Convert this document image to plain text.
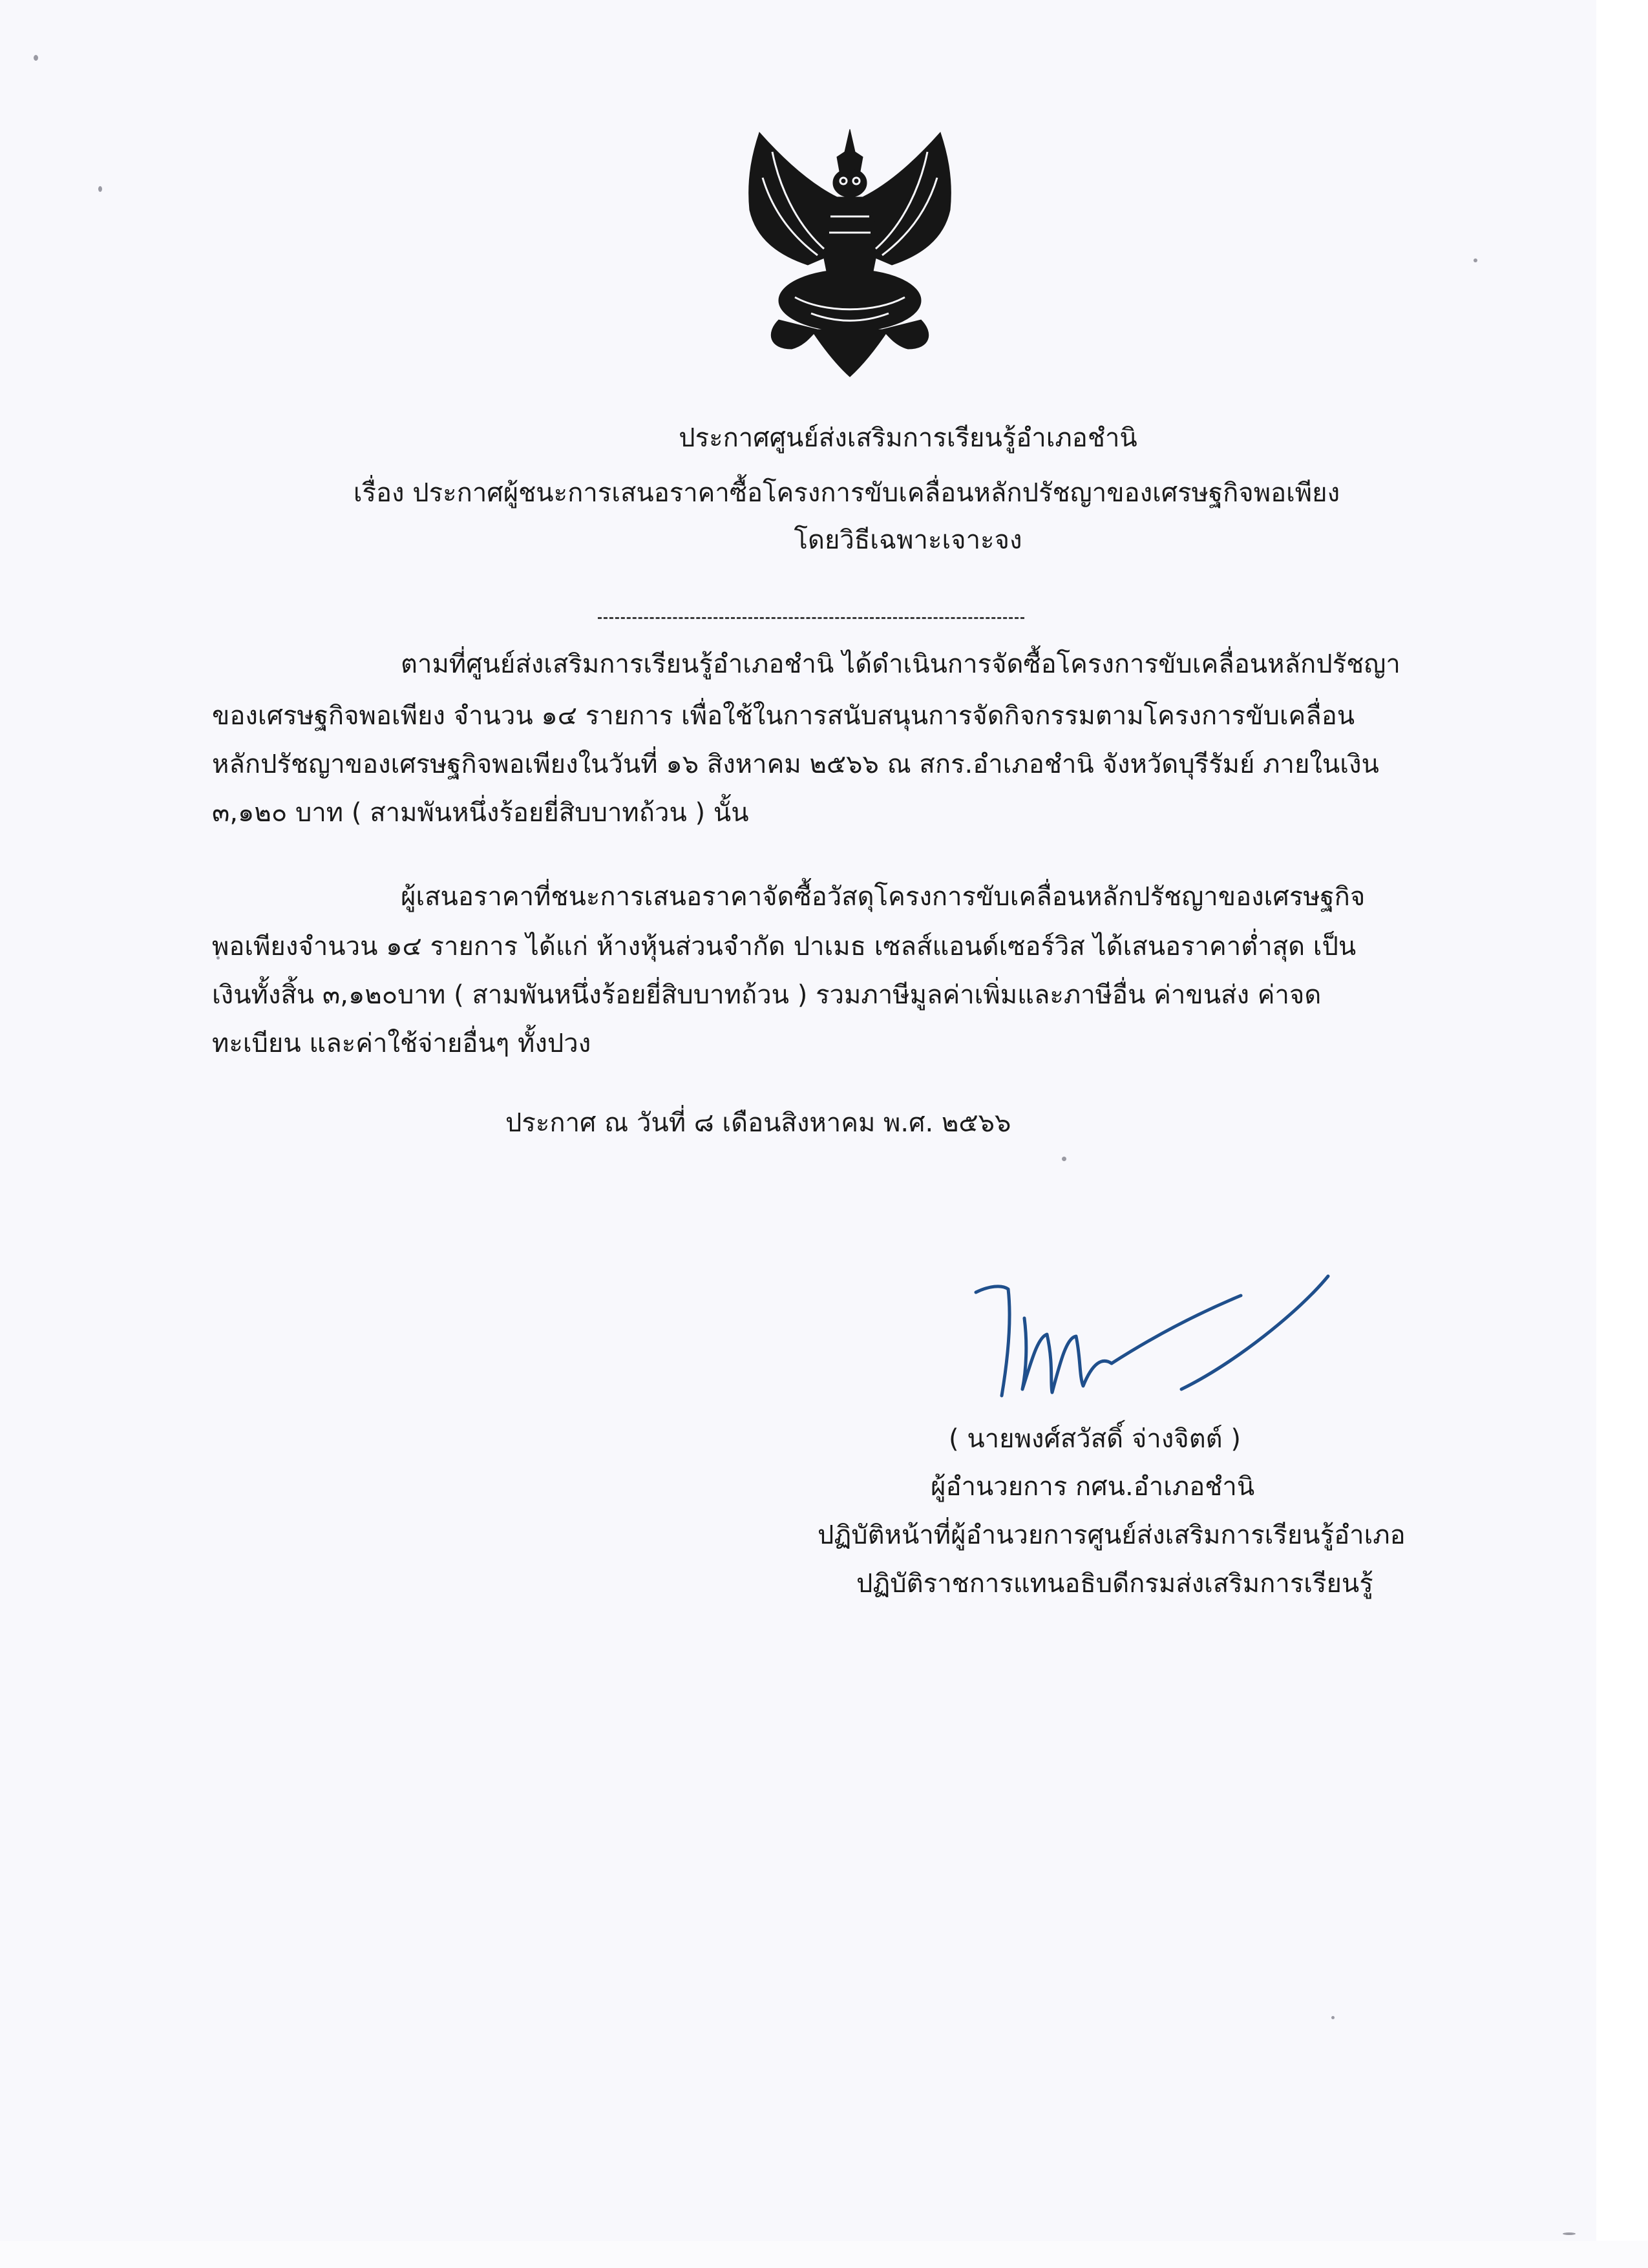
ประกาศศูนย์ส่งเสริมการเรียนรู้อำเภอชำนิ
เรื่อง ประกาศผู้ชนะการเสนอราคาซื้อโครงการขับเคลื่อนหลักปรัชญาของเศรษฐกิจพอเพียง
โดยวิธีเฉพาะเจาะจง
ตามที่ศูนย์ส่งเสริมการเรียนรู้อำเภอชำนิ ได้ดำเนินการจัดซื้อโครงการขับเคลื่อนหลักปรัชญา
ของเศรษฐกิจพอเพียง จำนวน ๑๔ รายการ เพื่อใช้ในการสนับสนุนการจัดกิจกรรมตามโครงการขับเคลื่อน
หลักปรัชญาของเศรษฐกิจพอเพียงในวันที่ ๑๖ สิงหาคม ๒๕๖๖ ณ สกร.อำเภอชำนิ จังหวัดบุรีรัมย์ ภายในเงิน
๓,๑๒๐ บาท ( สามพันหนึ่งร้อยยี่สิบบาทถ้วน ) นั้น
ผู้เสนอราคาที่ชนะการเสนอราคาจัดซื้อวัสดุโครงการขับเคลื่อนหลักปรัชญาของเศรษฐกิจ
พอเพียงจำนวน ๑๔ รายการ ได้แก่ ห้างหุ้นส่วนจำกัด ปาเมธ เซลส์แอนด์เซอร์วิส ได้เสนอราคาต่ำสุด เป็น
เงินทั้งสิ้น ๓,๑๒๐บาท ( สามพันหนึ่งร้อยยี่สิบบาทถ้วน ) รวมภาษีมูลค่าเพิ่มและภาษีอื่น ค่าขนส่ง ค่าจด
ทะเบียน และค่าใช้จ่ายอื่นๆ ทั้งปวง
ประกาศ ณ วันที่ ๘ เดือนสิงหาคม พ.ศ. ๒๕๖๖
( นายพงศ์สวัสดิ์ จ่างจิตต์ )
ผู้อำนวยการ กศน.อำเภอชำนิ
ปฏิบัติหน้าที่ผู้อำนวยการศูนย์ส่งเสริมการเรียนรู้อำเภอ
ปฏิบัติราชการแทนอธิบดีกรมส่งเสริมการเรียนรู้
